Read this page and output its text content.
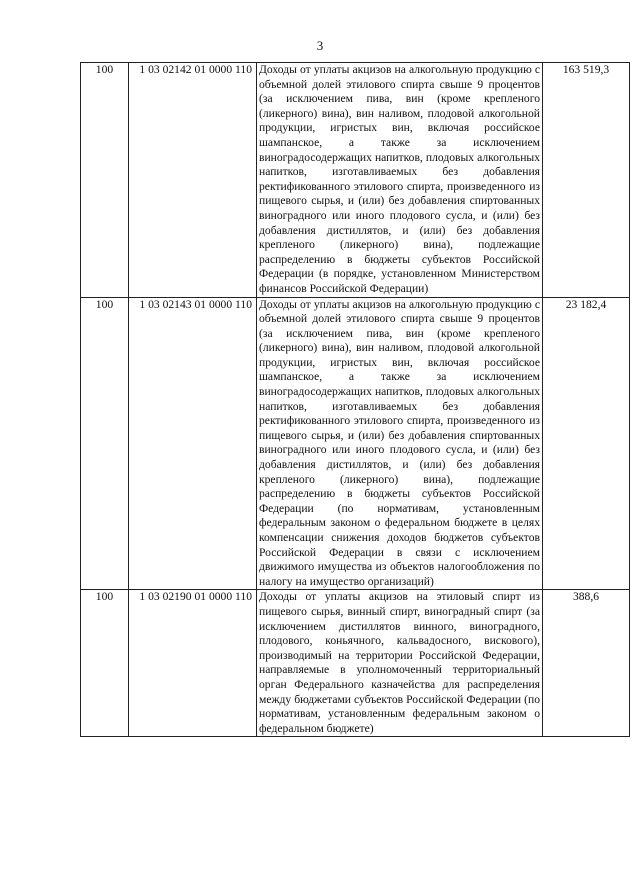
3
100	1 03 02142 01 0000 110	Доходы от уплаты акцизов на алкогольную продукцию с объемной долей этилового спирта свыше 9 процентов (за исключением пива, вин (кроме крепленого (ликерного) вина), вин наливом, плодовой алкогольной продукции, игристых вин, включая российское шампанское, а также за исключением виноградосодержащих напитков, плодовых алкогольных напитков, изготавливаемых без добавления ректификованного этилового спирта, произведенного из пищевого сырья, и (или) без добавления спиртованных виноградного или иного плодового сусла, и (или) без добавления дистиллятов, и (или) без добавления крепленого (ликерного) вина), подлежащие распределению в бюджеты субъектов Российской Федерации (в порядке, установленном Министерством финансов Российской Федерации)	163 519,3
100	1 03 02143 01 0000 110	Доходы от уплаты акцизов на алкогольную продукцию с объемной долей этилового спирта свыше 9 процентов (за исключением пива, вин (кроме крепленого (ликерного) вина), вин наливом, плодовой алкогольной продукции, игристых вин, включая российское шампанское, а также за исключением виноградосодержащих напитков, плодовых алкогольных напитков, изготавливаемых без добавления ректификованного этилового спирта, произведенного из пищевого сырья, и (или) без добавления спиртованных виноградного или иного плодового сусла, и (или) без добавления дистиллятов, и (или) без добавления крепленого (ликерного) вина), подлежащие распределению в бюджеты субъектов Российской Федерации (по нормативам, установленным федеральным законом о федеральном бюджете в целях компенсации снижения доходов бюджетов субъектов Российской Федерации в связи с исключением движимого имущества из объектов налогообложения по налогу на имущество организаций)	23 182,4
100	1 03 02190 01 0000 110	Доходы от уплаты акцизов на этиловый спирт из пищевого сырья, винный спирт, виноградный спирт (за исключением дистиллятов винного, виноградного, плодового, коньячного, кальвадосного, вискового), производимый на территории Российской Федерации, направляемые в уполномоченный территориальный орган Федерального казначейства для распределения между бюджетами субъектов Российской Федерации (по нормативам, установленным федеральным законом о федеральном бюджете)	388,6
